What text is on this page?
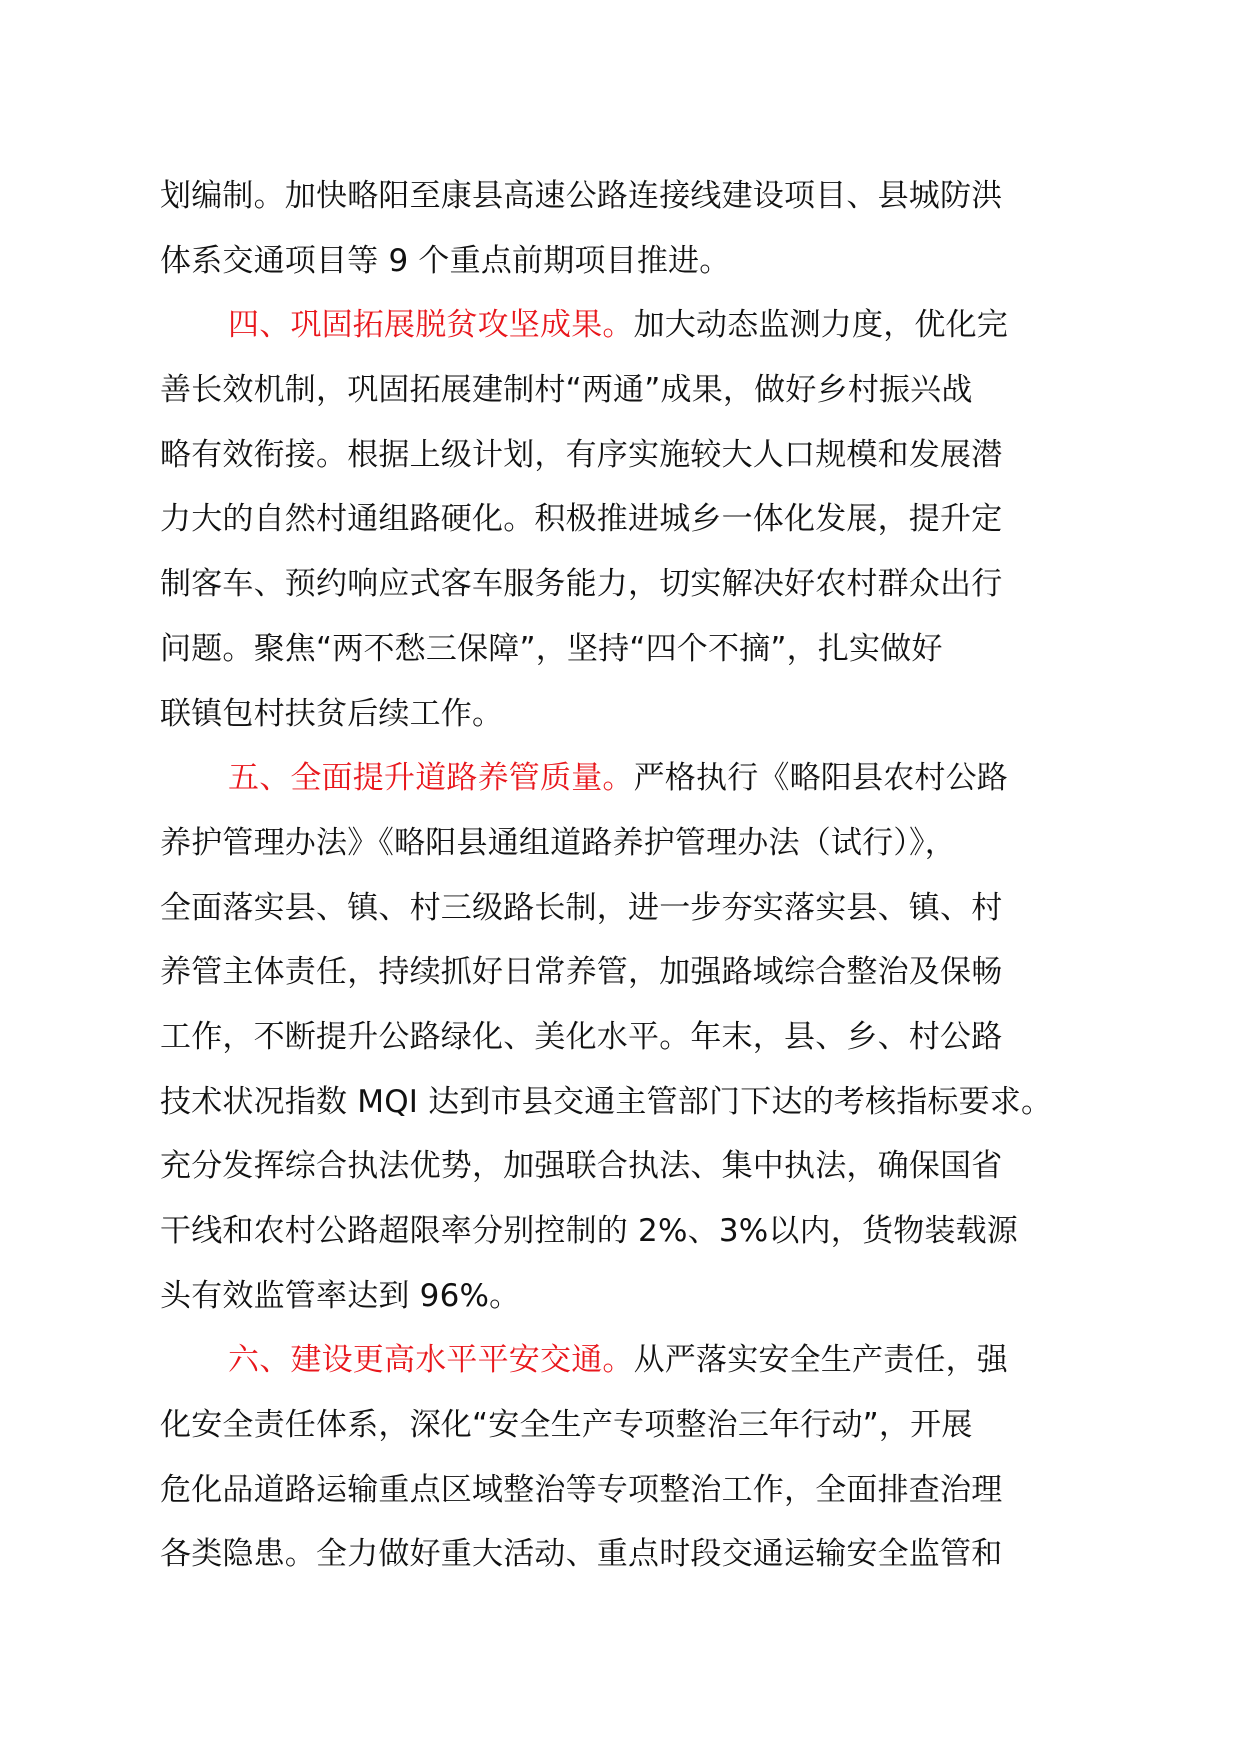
划编制。加快略阳至康县高速公路连接线建设项目、县城防洪
体系交通项目等 9 个重点前期项目推进。
四、巩固拓展脱贫攻坚成果。加大动态监测力度，优化完
善长效机制，巩固拓展建制村“两通”成果，做好乡村振兴战
略有效衔接。根据上级计划，有序实施较大人口规模和发展潜
力大的自然村通组路硬化。积极推进城乡一体化发展，提升定
制客车、预约响应式客车服务能力，切实解决好农村群众出行
问题。聚焦“两不愁三保障”，坚持“四个不摘”，扎实做好
联镇包村扶贫后续工作。
五、全面提升道路养管质量。严格执行《略阳县农村公路
养护管理办法》《略阳县通组道路养护管理办法（试行）》，
全面落实县、镇、村三级路长制，进一步夯实落实县、镇、村
养管主体责任，持续抓好日常养管，加强路域综合整治及保畅
工作，不断提升公路绿化、美化水平。年末，县、乡、村公路
技术状况指数 MQI 达到市县交通主管部门下达的考核指标要求。
充分发挥综合执法优势，加强联合执法、集中执法，确保国省
干线和农村公路超限率分别控制的 2%、3%以内，货物装载源
头有效监管率达到 96%。
六、建设更高水平平安交通。从严落实安全生产责任，强
化安全责任体系，深化“安全生产专项整治三年行动”，开展
危化品道路运输重点区域整治等专项整治工作，全面排查治理
各类隐患。全力做好重大活动、重点时段交通运输安全监管和
